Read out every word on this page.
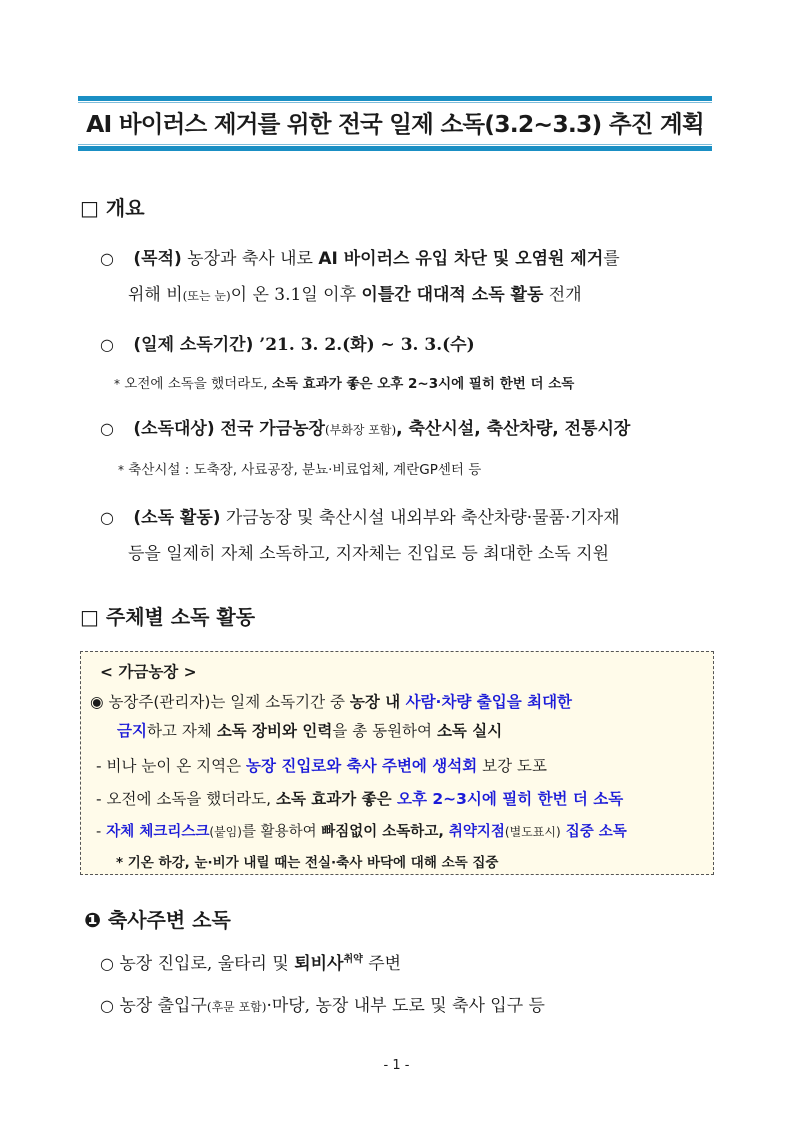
AI 바이러스 제거를 위한 전국 일제 소독(3.2~3.3) 추진 계획
□ 개요
○ (목적) 농장과 축사 내로 AI 바이러스 유입 차단 및 오염원 제거를
위해 비(또는 눈)이 온 3.1일 이후 이틀간 대대적 소독 활동 전개
○ (일제 소독기간) ’21. 3. 2.(화) ~ 3. 3.(수)
* 오전에 소독을 했더라도, 소독 효과가 좋은 오후 2~3시에 필히 한번 더 소독
○ (소독대상) 전국 가금농장(부화장 포함), 축산시설, 축산차량, 전통시장
* 축산시설 : 도축장, 사료공장, 분뇨·비료업체, 계란GP센터 등
○ (소독 활동) 가금농장 및 축산시설 내외부와 축산차량·물품·기자재
등을 일제히 자체 소독하고, 지자체는 진입로 등 최대한 소독 지원
□ 주체별 소독 활동
< 가금농장 >
◉ 농장주(관리자)는 일제 소독기간 중 농장 내 사람·차량 출입을 최대한
금지하고 자체 소독 장비와 인력을 총 동원하여 소독 실시
- 비나 눈이 온 지역은 농장 진입로와 축사 주변에 생석회 보강 도포
- 오전에 소독을 했더라도, 소독 효과가 좋은 오후 2~3시에 필히 한번 더 소독
- 자체 체크리스크(붙임)를 활용하여 빠짐없이 소독하고, 취약지점(별도표시) 집중 소독
* 기온 하강, 눈·비가 내릴 때는 전실·축사 바닥에 대해 소독 집중
❶ 축사주변 소독
○ 농장 진입로, 울타리 및 퇴비사$^{취약}$ 주변
○ 농장 출입구(후문 포함)·마당, 농장 내부 도로 및 축사 입구 등
- 1 -
